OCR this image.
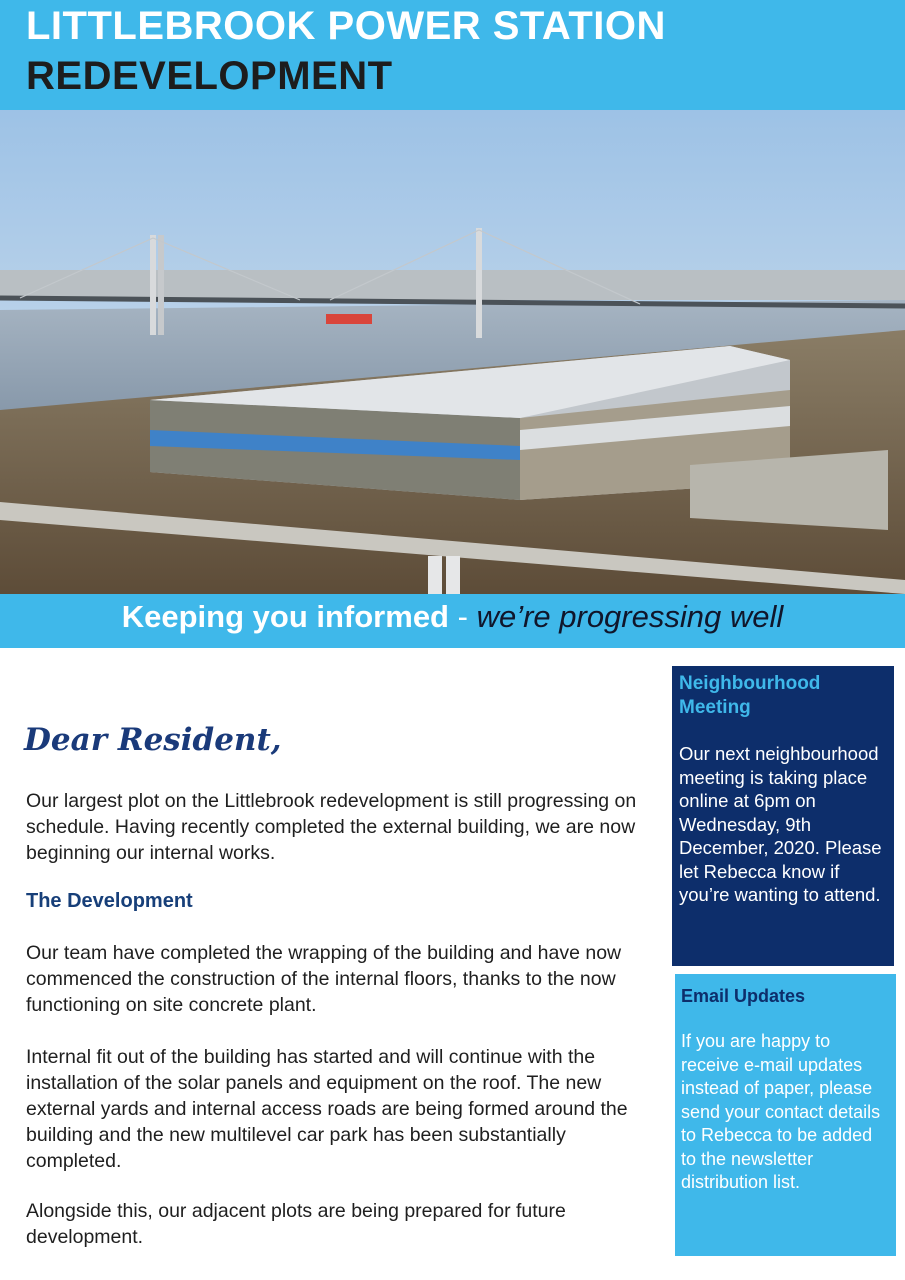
LITTLEBROOK POWER STATION
REDEVELOPMENT
Keeping you informed - we’re progressing well
Dear Resident,

Our largest plot on the Littlebrook redevelopment is still progressing on schedule. Having recently completed the external building, we are now beginning our internal works.

The Development

Our team have completed the wrapping of the building and have now commenced the construction of the internal floors, thanks to the now functioning on site concrete plant.

Internal fit out of the building has started and will continue with the installation of the solar panels and equipment on the roof. The new external yards and internal access roads are being formed around the building and the new multilevel car park has been substantially completed.

Alongside this, our adjacent plots are being prepared for future development.

Neighbourhood Meeting

Our next neighbourhood meeting is taking place online at 6pm on Wednesday, 9th December, 2020. Please let Rebecca know if you’re wanting to attend.

Email Updates

If you are happy to receive e-mail updates instead of paper, please send your contact details to Rebecca to be added to the newsletter distribution list.
